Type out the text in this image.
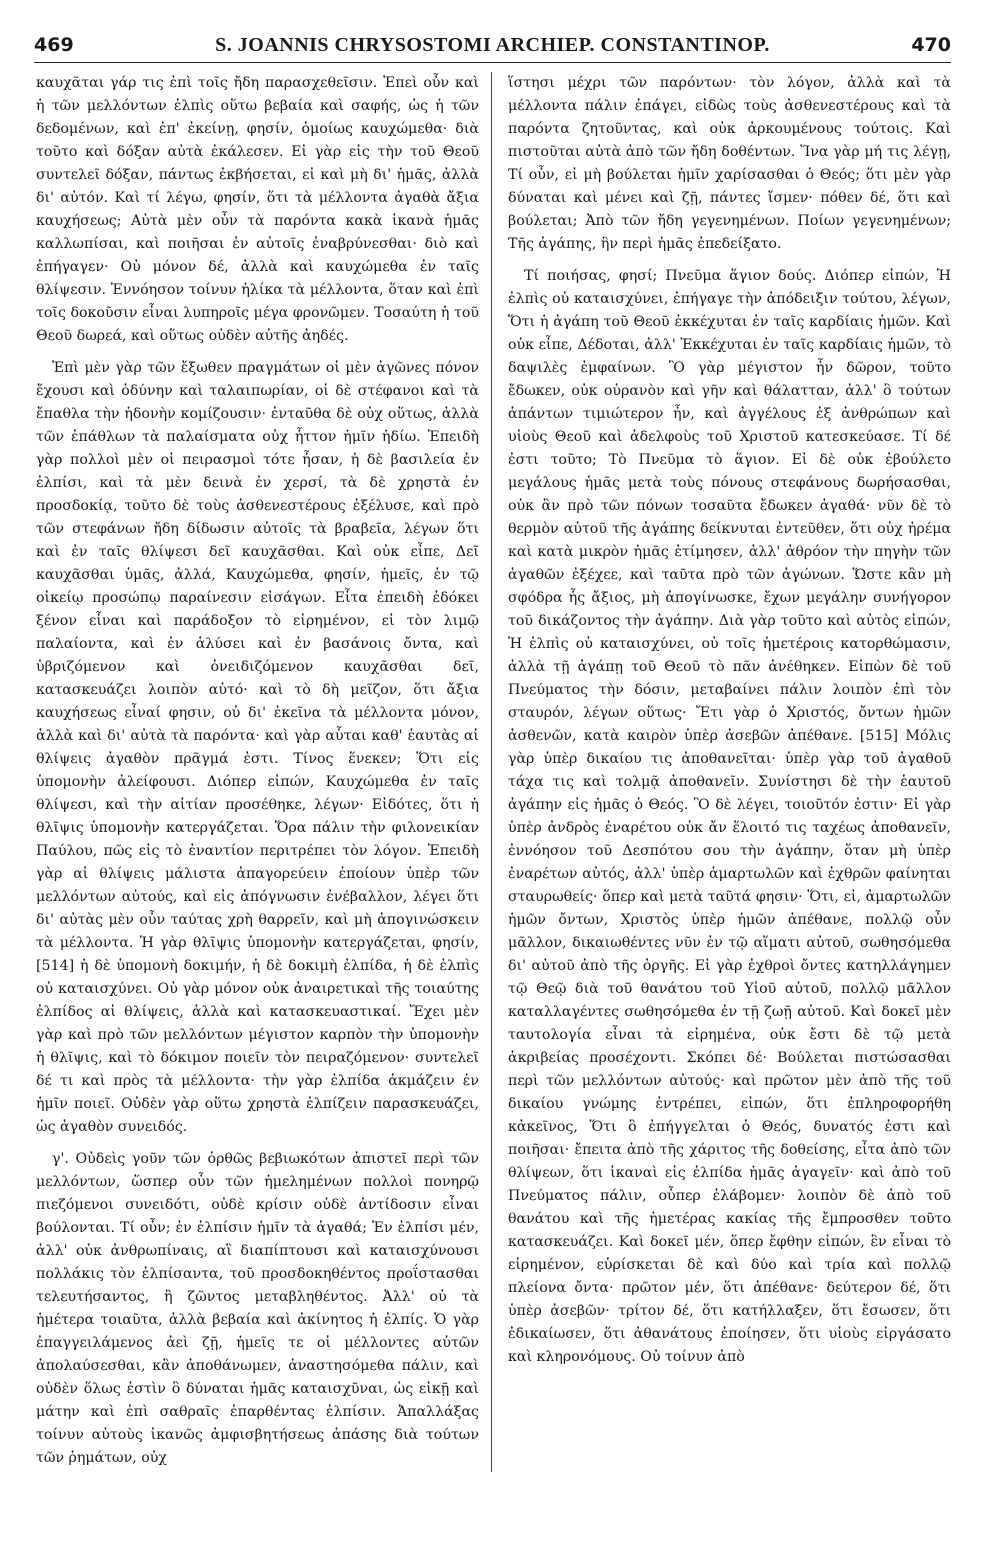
469	S. JOANNIS CHRYSOSTOMI ARCHIEP. CONSTANTINOP.	470

καυχᾶται γάρ τις ἐπὶ τοῖς ἤδη παρασχεθεῖσιν. Ἐπεὶ οὖν καὶ ἡ τῶν μελλόντων ἐλπὶς οὕτω βεβαία καὶ σαφής, ὡς ἡ τῶν δεδομένων, καὶ ἐπ' ἐκείνῃ, φησίν, ὁμοίως καυχώμεθα· διὰ τοῦτο καὶ δόξαν αὐτὰ ἐκάλεσεν. Εἰ γὰρ εἰς τὴν τοῦ Θεοῦ συντελεῖ δόξαν, πάντως ἐκβήσεται, εἰ καὶ μὴ δι' ἡμᾶς, ἀλλὰ δι' αὐτόν. Καὶ τί λέγω, φησίν, ὅτι τὰ μέλλοντα ἀγαθὰ ἄξια καυχήσεως; Αὐτὰ μὲν οὖν τὰ παρόντα κακὰ ἱκανὰ ἡμᾶς καλλωπίσαι, καὶ ποιῆσαι ἐν αὐτοῖς ἐναβρύνεσθαι· διὸ καὶ ἐπήγαγεν· Οὐ μόνον δέ, ἀλλὰ καὶ καυχώμεθα ἐν ταῖς θλίψεσιν. Ἐννόησον τοίνυν ἡλίκα τὰ μέλλοντα, ὅταν καὶ ἐπὶ τοῖς δοκοῦσιν εἶναι λυπηροῖς μέγα φρονῶμεν. Τοσαύτη ἡ τοῦ Θεοῦ δωρεά, καὶ οὕτως οὐδὲν αὐτῆς ἀηδές.

Ἐπὶ μὲν γὰρ τῶν ἔξωθεν πραγμάτων οἱ μὲν ἀγῶνες πόνον ἔχουσι καὶ ὀδύνην καὶ ταλαιπωρίαν, οἱ δὲ στέφανοι καὶ τὰ ἔπαθλα τὴν ἡδονὴν κομίζουσιν· ἐνταῦθα δὲ οὐχ οὕτως, ἀλλὰ τῶν ἐπάθλων τὰ παλαίσματα οὐχ ἧττον ἡμῖν ἡδίω. Ἐπειδὴ γὰρ πολλοὶ μὲν οἱ πειρασμοὶ τότε ἦσαν, ἡ δὲ βασιλεία ἐν ἐλπίσι, καὶ τὰ μὲν δεινὰ ἐν χερσί, τὰ δὲ χρηστὰ ἐν προσδοκίᾳ, τοῦτο δὲ τοὺς ἀσθενεστέρους ἐξέλυσε, καὶ πρὸ τῶν στεφάνων ἤδη δίδωσιν αὐτοῖς τὰ βραβεῖα, λέγων ὅτι καὶ ἐν ταῖς θλίψεσι δεῖ καυχᾶσθαι. Καὶ οὐκ εἶπε, Δεῖ καυχᾶσθαι ὑμᾶς, ἀλλά, Καυχώμεθα, φησίν, ἡμεῖς, ἐν τῷ οἰκείῳ προσώπῳ παραίνεσιν εἰσάγων. Εἶτα ἐπειδὴ ἐδόκει ξένον εἶναι καὶ παράδοξον τὸ εἰρημένον, εἰ τὸν λιμῷ παλαίοντα, καὶ ἐν ἁλύσει καὶ ἐν βασάνοις ὄντα, καὶ ὑβριζόμενον καὶ ὀνειδιζόμενον καυχᾶσθαι δεῖ, κατασκευάζει λοιπὸν αὐτό· καὶ τὸ δὴ μεῖζον, ὅτι ἄξια καυχήσεως εἶναί φησιν, οὐ δι' ἐκεῖνα τὰ μέλλοντα μόνον, ἀλλὰ καὶ δι' αὐτὰ τὰ παρόντα· καὶ γὰρ αὗται καθ' ἑαυτὰς αἱ θλίψεις ἀγαθὸν πρᾶγμά ἐστι. Τίνος ἕνεκεν; Ὅτι εἰς ὑπομονὴν ἀλείφουσι. Διόπερ εἰπών, Καυχώμεθα ἐν ταῖς θλίψεσι, καὶ τὴν αἰτίαν προσέθηκε, λέγων· Εἰδότες, ὅτι ἡ θλῖψις ὑπομονὴν κατεργάζεται. Ὅρα πάλιν τὴν φιλονεικίαν Παύλου, πῶς εἰς τὸ ἐναντίον περιτρέπει τὸν λόγον. Ἐπειδὴ γὰρ αἱ θλίψεις μάλιστα ἀπαγορεύειν ἐποίουν ὑπὲρ τῶν μελλόντων αὐτούς, καὶ εἰς ἀπόγνωσιν ἐνέβαλλον, λέγει ὅτι δι' αὐτὰς μὲν οὖν ταύτας χρὴ θαρρεῖν, καὶ μὴ ἀπογινώσκειν τὰ μέλλοντα. Ἡ γὰρ θλῖψις ὑπομονὴν κατεργάζεται, φησίν, [514] ἡ δὲ ὑπομονὴ δοκιμήν, ἡ δὲ δοκιμὴ ἐλπίδα, ἡ δὲ ἐλπὶς οὐ καταισχύνει. Οὐ γὰρ μόνον οὐκ ἀναιρετικαὶ τῆς τοιαύτης ἐλπίδος αἱ θλίψεις, ἀλλὰ καὶ κατασκευαστικαί. Ἔχει μὲν γὰρ καὶ πρὸ τῶν μελλόντων μέγιστον καρπὸν τὴν ὑπομονὴν ἡ θλῖψις, καὶ τὸ δόκιμον ποιεῖν τὸν πειραζόμενον· συντελεῖ δέ τι καὶ πρὸς τὰ μέλλοντα· τὴν γὰρ ἐλπίδα ἀκμάζειν ἐν ἡμῖν ποιεῖ. Οὐδὲν γὰρ οὕτω χρηστὰ ἐλπίζειν παρασκευάζει, ὡς ἀγαθὸν συνειδός.

γ'. Οὐδεὶς γοῦν τῶν ὀρθῶς βεβιωκότων ἀπιστεῖ περὶ τῶν μελλόντων, ὥσπερ οὖν τῶν ἠμελημένων πολλοὶ πονηρῷ πιεζόμενοι συνειδότι, οὐδὲ κρίσιν οὐδὲ ἀντίδοσιν εἶναι βούλονται. Τί οὖν; ἐν ἐλπίσιν ἡμῖν τὰ ἀγαθά; Ἐν ἐλπίσι μέν, ἀλλ' οὐκ ἀνθρωπίναις, αἳ διαπίπτουσι καὶ καταισχύνουσι πολλάκις τὸν ἐλπίσαντα, τοῦ προσδοκηθέντος προΐστασθαι τελευτήσαντος, ἢ ζῶντος μεταβληθέντος. Ἀλλ' οὐ τὰ ἡμέτερα τοιαῦτα, ἀλλὰ βεβαία καὶ ἀκίνητος ἡ ἐλπίς. Ὁ γὰρ ἐπαγγειλάμενος ἀεὶ ζῇ, ἡμεῖς τε οἱ μέλλοντες αὐτῶν ἀπολαύσεσθαι, κἂν ἀποθάνωμεν, ἀναστησόμεθα πάλιν, καὶ οὐδὲν ὅλως ἐστὶν ὃ δύναται ἡμᾶς καταισχῦναι, ὡς εἰκῇ καὶ μάτην καὶ ἐπὶ σαθραῖς ἐπαρθέντας ἐλπίσιν. Ἀπαλλάξας τοίνυν αὐτοὺς ἱκανῶς ἀμφισβητήσεως ἁπάσης διὰ τούτων τῶν ῥημάτων, οὐχ

ἵστησι μέχρι τῶν παρόντων· τὸν λόγον, ἀλλὰ καὶ τὰ μέλλοντα πάλιν ἐπάγει, εἰδὼς τοὺς ἀσθενεστέρους καὶ τὰ παρόντα ζητοῦντας, καὶ οὐκ ἀρκουμένους τούτοις. Καὶ πιστοῦται αὐτὰ ἀπὸ τῶν ἤδη δοθέντων. Ἵνα γὰρ μή τις λέγῃ, Τί οὖν, εἰ μὴ βούλεται ἡμῖν χαρίσασθαι ὁ Θεός; ὅτι μὲν γὰρ δύναται καὶ μένει καὶ ζῇ, πάντες ἴσμεν· πόθεν δέ, ὅτι καὶ βούλεται; Ἀπὸ τῶν ἤδη γεγενημένων. Ποίων γεγενημένων; Τῆς ἀγάπης, ἣν περὶ ἡμᾶς ἐπεδείξατο.

Τί ποιήσας, φησί; Πνεῦμα ἅγιον δούς. Διόπερ εἰπών, Ἡ ἐλπὶς οὐ καταισχύνει, ἐπήγαγε τὴν ἀπόδειξιν τούτου, λέγων, Ὅτι ἡ ἀγάπη τοῦ Θεοῦ ἐκκέχυται ἐν ταῖς καρδίαις ἡμῶν. Καὶ οὐκ εἶπε, Δέδοται, ἀλλ' Ἐκκέχυται ἐν ταῖς καρδίαις ἡμῶν, τὸ δαψιλὲς ἐμφαίνων. Ὃ γὰρ μέγιστον ἦν δῶρον, τοῦτο ἔδωκεν, οὐκ οὐρανὸν καὶ γῆν καὶ θάλατταν, ἀλλ' ὃ τούτων ἁπάντων τιμιώτερον ἦν, καὶ ἀγγέλους ἐξ ἀνθρώπων καὶ υἱοὺς Θεοῦ καὶ ἀδελφοὺς τοῦ Χριστοῦ κατεσκεύασε. Τί δέ ἐστι τοῦτο; Τὸ Πνεῦμα τὸ ἅγιον. Εἰ δὲ οὐκ ἐβούλετο μεγάλους ἡμᾶς μετὰ τοὺς πόνους στεφάνους δωρήσασθαι, οὐκ ἂν πρὸ τῶν πόνων τοσαῦτα ἔδωκεν ἀγαθά· νῦν δὲ τὸ θερμὸν αὐτοῦ τῆς ἀγάπης δείκνυται ἐντεῦθεν, ὅτι οὐχ ἠρέμα καὶ κατὰ μικρὸν ἡμᾶς ἐτίμησεν, ἀλλ' ἀθρόον τὴν πηγὴν τῶν ἀγαθῶν ἐξέχεε, καὶ ταῦτα πρὸ τῶν ἀγώνων. Ὥστε κἂν μὴ σφόδρα ἧς ἄξιος, μὴ ἀπογίνωσκε, ἔχων μεγάλην συνήγορον τοῦ δικάζοντος τὴν ἀγάπην. Διὰ γὰρ τοῦτο καὶ αὐτὸς εἰπών, Ἡ ἐλπὶς οὐ καταισχύνει, οὐ τοῖς ἡμετέροις κατορθώμασιν, ἀλλὰ τῇ ἀγάπῃ τοῦ Θεοῦ τὸ πᾶν ἀνέθηκεν. Εἰπὼν δὲ τοῦ Πνεύματος τὴν δόσιν, μεταβαίνει πάλιν λοιπὸν ἐπὶ τὸν σταυρόν, λέγων οὕτως· Ἔτι γὰρ ὁ Χριστός, ὄντων ἡμῶν ἀσθενῶν, κατὰ καιρὸν ὑπὲρ ἀσεβῶν ἀπέθανε. [515] Μόλις γὰρ ὑπὲρ δικαίου τις ἀποθανεῖται· ὑπὲρ γὰρ τοῦ ἀγαθοῦ τάχα τις καὶ τολμᾷ ἀποθανεῖν. Συνίστησι δὲ τὴν ἑαυτοῦ ἀγάπην εἰς ἡμᾶς ὁ Θεός. Ὃ δὲ λέγει, τοιοῦτόν ἐστιν· Εἰ γὰρ ὑπὲρ ἀνδρὸς ἐναρέτου οὐκ ἄν ἕλοιτό τις ταχέως ἀποθανεῖν, ἐννόησον τοῦ Δεσπότου σου τὴν ἀγάπην, ὅταν μὴ ὑπὲρ ἐναρέτων αὐτός, ἀλλ' ὑπὲρ ἁμαρτωλῶν καὶ ἐχθρῶν φαίνηται σταυρωθείς· ὅπερ καὶ μετὰ ταῦτά φησιν· Ὅτι, εἰ, ἁμαρτωλῶν ἡμῶν ὄντων, Χριστὸς ὑπὲρ ἡμῶν ἀπέθανε, πολλῷ οὖν μᾶλλον, δικαιωθέντες νῦν ἐν τῷ αἵματι αὐτοῦ, σωθησόμεθα δι' αὐτοῦ ἀπὸ τῆς ὀργῆς. Εἰ γὰρ ἐχθροὶ ὄντες κατηλλάγημεν τῷ Θεῷ διὰ τοῦ θανάτου τοῦ Υἱοῦ αὐτοῦ, πολλῷ μᾶλλον καταλλαγέντες σωθησόμεθα ἐν τῇ ζωῇ αὐτοῦ. Καὶ δοκεῖ μὲν ταυτολογία εἶναι τὰ εἰρημένα, οὐκ ἔστι δὲ τῷ μετὰ ἀκριβείας προσέχοντι. Σκόπει δέ· Βούλεται πιστώσασθαι περὶ τῶν μελλόντων αὐτούς· καὶ πρῶτον μὲν ἀπὸ τῆς τοῦ δικαίου γνώμης ἐντρέπει, εἰπών, ὅτι ἐπληροφορήθη κἀκεῖνος, Ὅτι ὃ ἐπήγγελται ὁ Θεός, δυνατός ἐστι καὶ ποιῆσαι· ἔπειτα ἀπὸ τῆς χάριτος τῆς δοθείσης, εἶτα ἀπὸ τῶν θλίψεων, ὅτι ἱκαναὶ εἰς ἐλπίδα ἡμᾶς ἀγαγεῖν· καὶ ἀπὸ τοῦ Πνεύματος πάλιν, οὗπερ ἐλάβομεν· λοιπὸν δὲ ἀπὸ τοῦ θανάτου καὶ τῆς ἡμετέρας κακίας τῆς ἔμπροσθεν τοῦτο κατασκευάζει. Καὶ δοκεῖ μέν, ὅπερ ἔφθην εἰπών, ἓν εἶναι τὸ εἰρημένον, εὑρίσκεται δὲ καὶ δύο καὶ τρία καὶ πολλῷ πλείονα ὄντα· πρῶτον μέν, ὅτι ἀπέθανε· δεύτερον δέ, ὅτι ὑπὲρ ἀσεβῶν· τρίτον δέ, ὅτι κατήλλαξεν, ὅτι ἔσωσεν, ὅτι ἐδικαίωσεν, ὅτι ἀθανάτους ἐποίησεν, ὅτι υἱοὺς εἰργάσατο καὶ κληρονόμους. Οὐ τοίνυν ἀπὸ
